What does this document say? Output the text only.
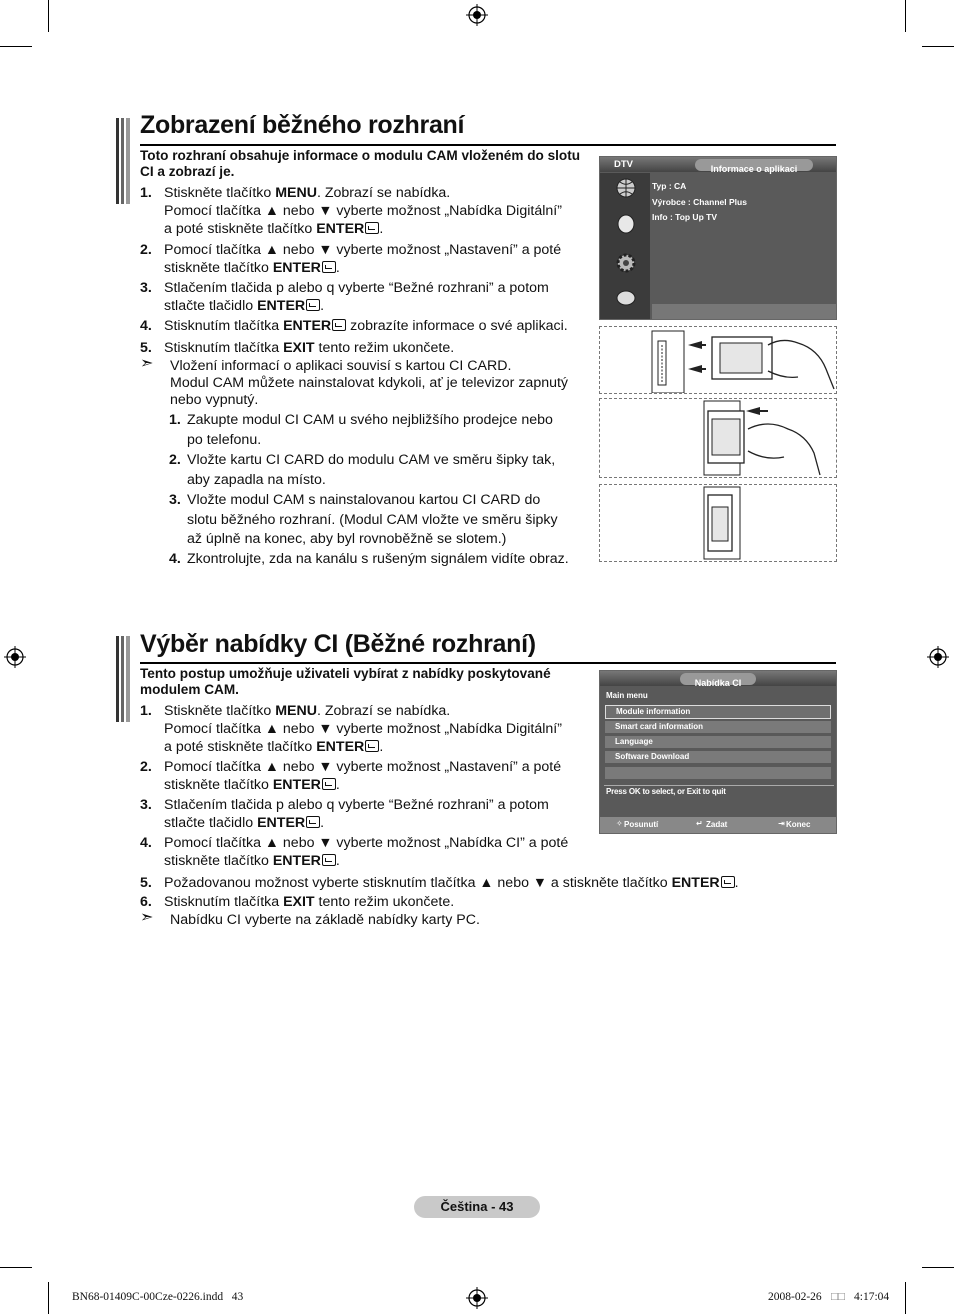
Zobrazení běžného rozhraní
Toto rozhraní obsahuje informace o modulu CAM vloženém do slotu CI a zobrazí je.
1. Stiskněte tlačítko MENU. Zobrazí se nabídka.
Pomocí tlačítka ▲ nebo ▼ vyberte možnost „Nabídka Digitální”
a poté stiskněte tlačítko ENTER .
2. Pomocí tlačítka ▲ nebo ▼ vyberte možnost „Nastavení” a poté
stiskněte tlačítko ENTER .
3. Stlačením tlačida p alebo q vyberte “Bežné rozhrani” a potom
stlačte tlačidlo ENTER .
4. Stisknutím tlačítka ENTER zobrazíte informace o své aplikaci.
5. Stisknutím tlačítka EXIT tento režim ukončete.
➣ Vložení informací o aplikaci souvisí s kartou CI CARD.
Modul CAM můžete nainstalovat kdykoli, ať je televizor zapnutý
nebo vypnutý.
1. Zakupte modul CI CAM u svého nejbližšího prodejce nebo
po telefonu.
2. Vložte kartu CI CARD do modulu CAM ve směru šipky tak,
aby zapadla na místo.
3. Vložte modul CAM s nainstalovanou kartou CI CARD do
slotu běžného rozhraní. (Modul CAM vložte ve směru šipky
až úplně na konec, aby byl rovnoběžně se slotem.)
4. Zkontrolujte, zda na kanálu s rušeným signálem vidíte obraz.
DTV	Informace o aplikaci
Typ : CA
Výrobce : Channel Plus
Info : Top Up TV
Výběr nabídky CI (Běžné rozhraní)
Tento postup umožňuje uživateli vybírat z nabídky poskytované modulem CAM.
1. Stiskněte tlačítko MENU. Zobrazí se nabídka.
Pomocí tlačítka ▲ nebo ▼ vyberte možnost „Nabídka Digitální”
a poté stiskněte tlačítko ENTER .
2. Pomocí tlačítka ▲ nebo ▼ vyberte možnost „Nastavení” a poté
stiskněte tlačítko ENTER .
3. Stlačením tlačida p alebo q vyberte “Bežné rozhrani” a potom
stlačte tlačidlo ENTER .
4. Pomocí tlačítka ▲ nebo ▼ vyberte možnost „Nabídka CI” a poté
stiskněte tlačítko ENTER .
5. Požadovanou možnost vyberte stisknutím tlačítka ▲ nebo ▼ a stiskněte tlačítko ENTER .
6. Stisknutím tlačítka EXIT tento režim ukončete.
➣ Nabídku CI vyberte na základě nabídky karty PC.
Nabídka CI
Main menu
Module information
Smart card information
Language
Software Download
Press OK to select, or Exit to quit
✧ Posunutí	↵ Zadat	⇥ Konec
Čeština - 43
BN68-01409C-00Cze-0226.indd   43	2008-02-26 □□ 4:17:04
